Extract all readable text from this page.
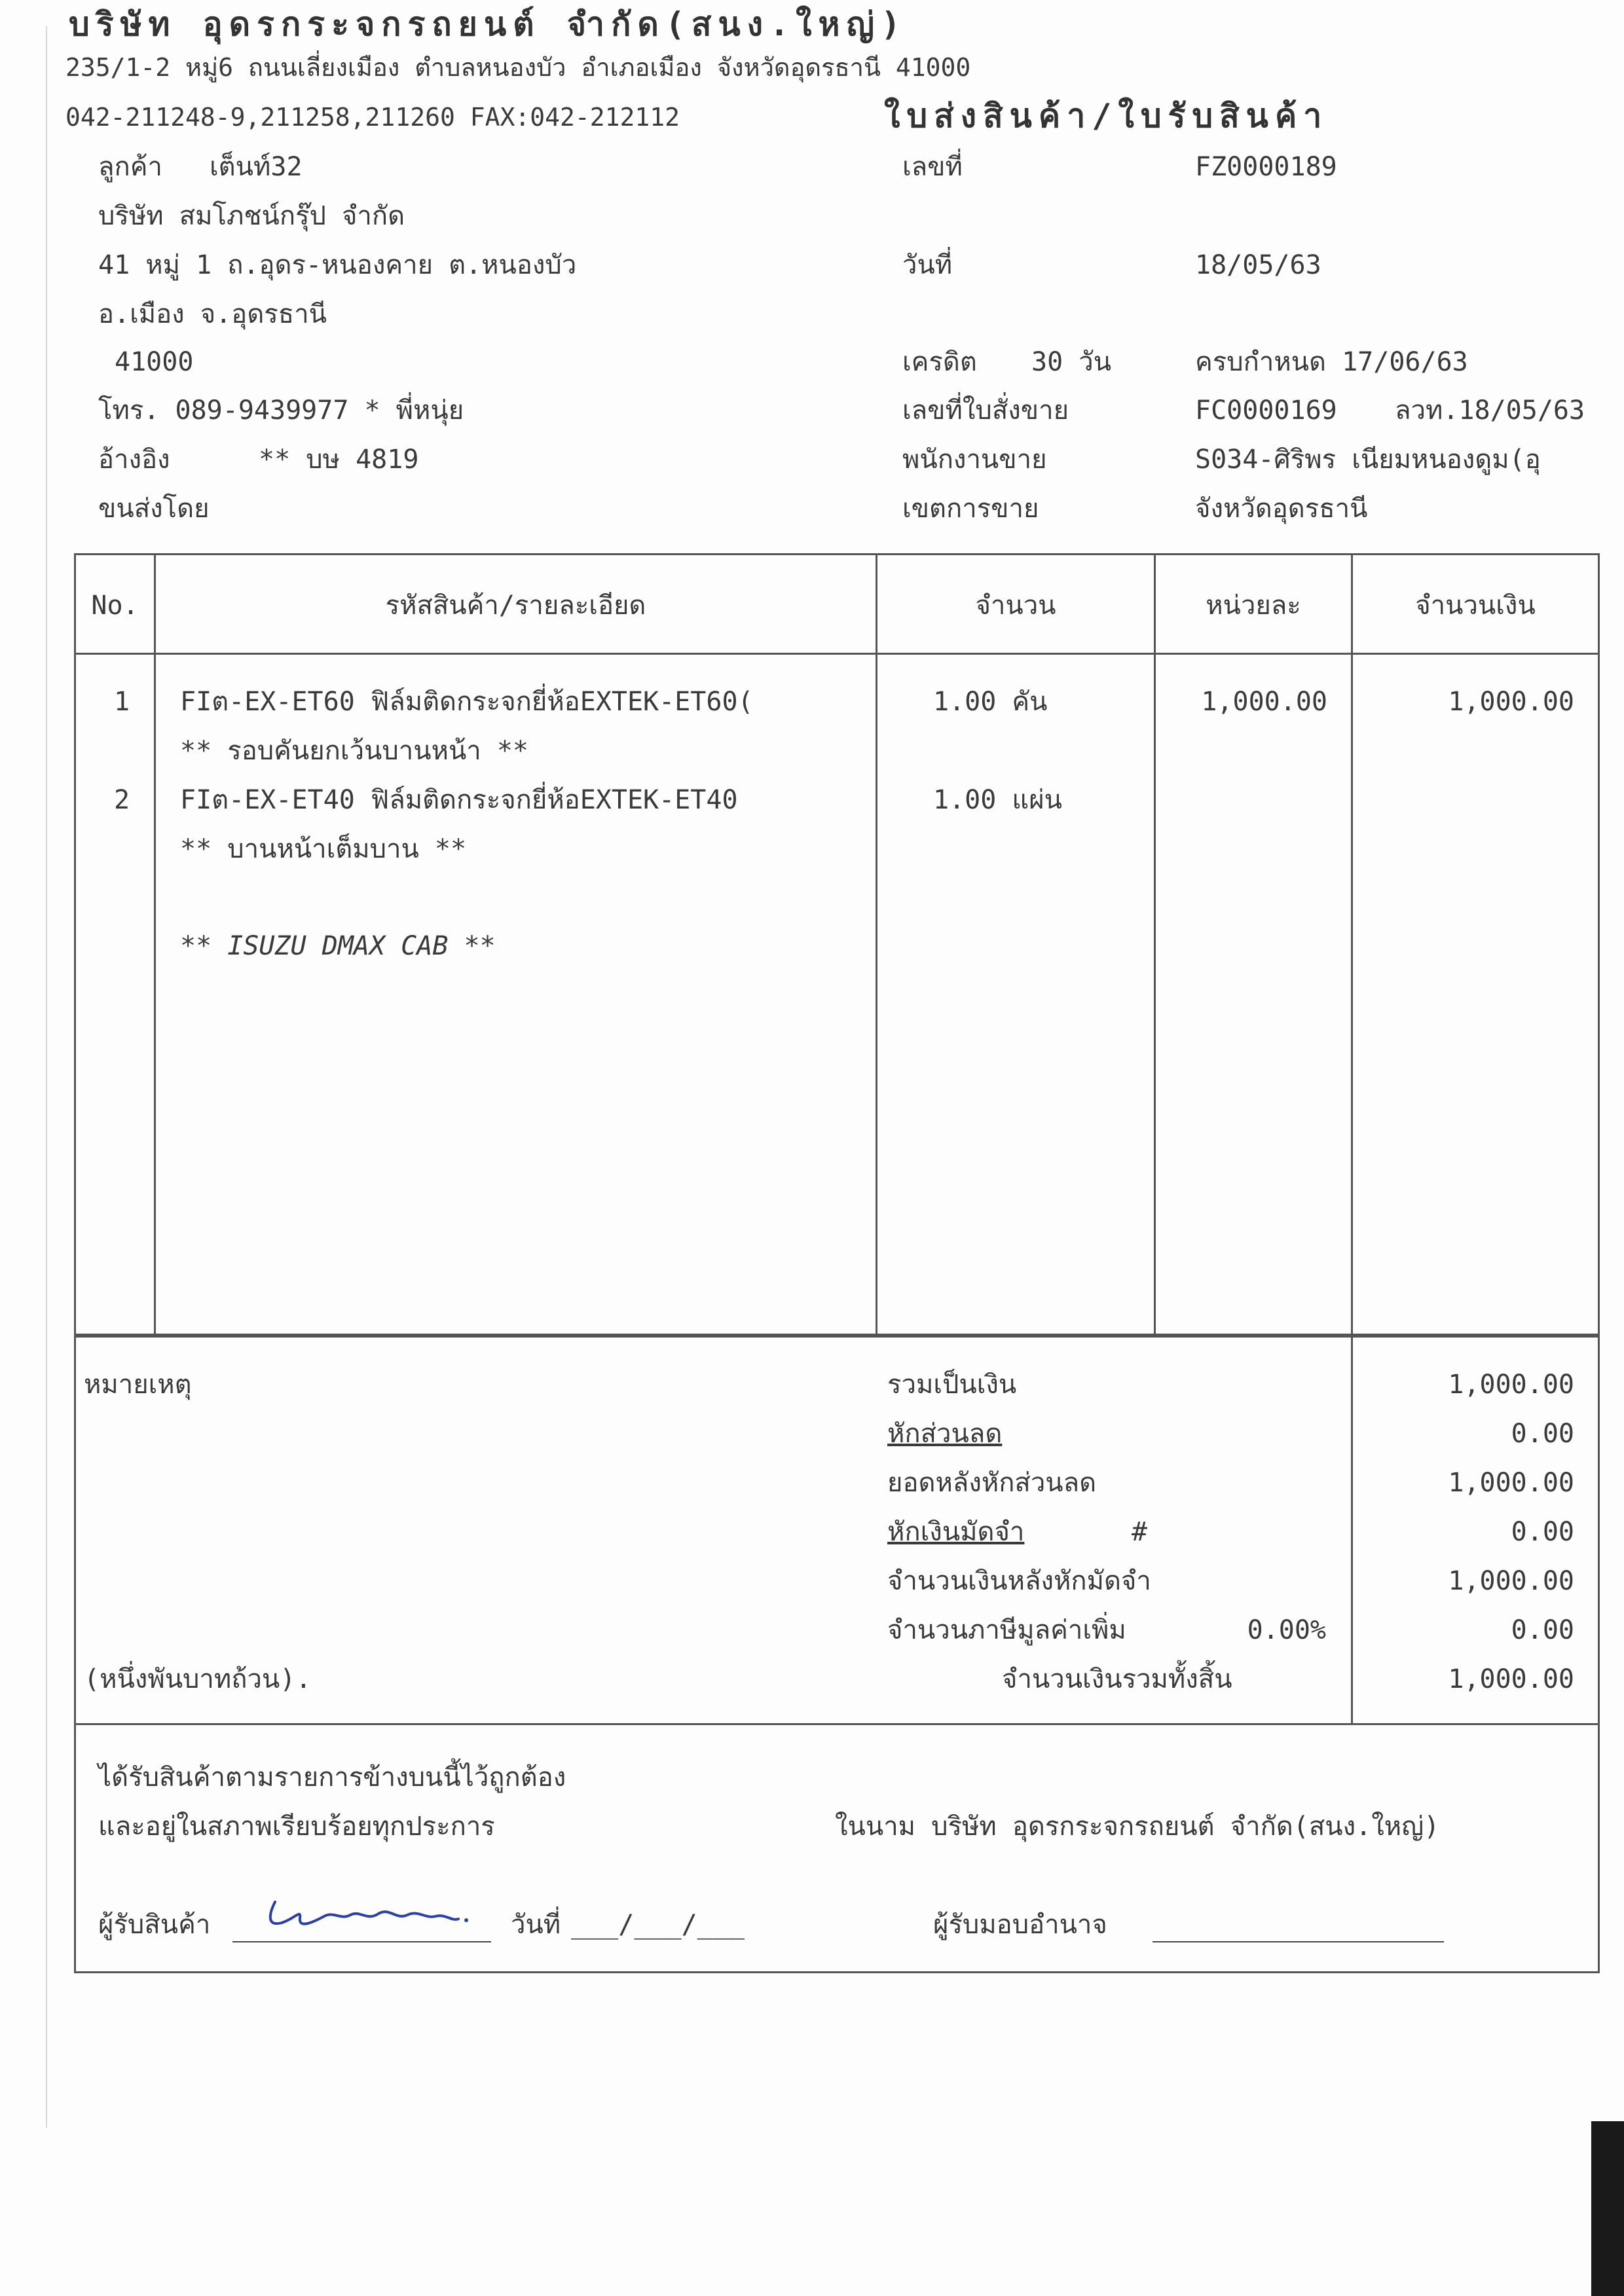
บริษัท อุดรกระจกรถยนต์ จำกัด(สนง.ใหญ่)
235/1-2 หมู่6 ถนนเลี่ยงเมือง ตำบลหนองบัว อำเภอเมือง จังหวัดอุดรธานี 41000
042-211248-9,211258,211260 FAX:042-212112	ใบส่งสินค้า/ใบรับสินค้า
ลูกค้า เต็นท์32
บริษัท สมโภชน์กรุ๊ป จำกัด
41 หมู่ 1 ถ.อุดร-หนองคาย ต.หนองบัว
อ.เมือง จ.อุดรธานี
41000
โทร. 089-9439977 * พี่หนุ่ย
อ้างอิง	** บษ 4819
ขนส่งโดย
เลขที่	FZ0000189
วันที่	18/05/63
เครดิต 30 วัน	ครบกำหนด 17/06/63
เลขที่ใบสั่งขาย	FC0000169 ลวท.18/05/63
พนักงานขาย	S034-ศิริพร เนียมหนองดูม(อุ
เขตการขาย	จังหวัดอุดรธานี
No.	รหัสสินค้า/รายละเอียด	จำนวน	หน่วยละ	จำนวนเงิน
1	FIต-EX-ET60 ฟิล์มติดกระจกยี่ห้อEXTEK-ET60(	1.00 คัน	1,000.00	1,000.00
** รอบคันยกเว้นบานหน้า **
2	FIต-EX-ET40 ฟิล์มติดกระจกยี่ห้อEXTEK-ET40	1.00 แผ่น
** บานหน้าเต็มบาน **
** ISUZU DMAX CAB **
หมายเหตุ
(หนึ่งพันบาทถ้วน).
รวมเป็นเงิน	1,000.00
หักส่วนลด	0.00
ยอดหลังหักส่วนลด	1,000.00
หักเงินมัดจำ	#	0.00
จำนวนเงินหลังหักมัดจำ	1,000.00
จำนวนภาษีมูลค่าเพิ่ม	0.00%	0.00
จำนวนเงินรวมทั้งสิ้น	1,000.00
ได้รับสินค้าตามรายการข้างบนนี้ไว้ถูกต้อง
และอยู่ในสภาพเรียบร้อยทุกประการ	ในนาม บริษัท อุดรกระจกรถยนต์ จำกัด(สนง.ใหญ่)
ผู้รับสินค้า	วันที่ ___/___/___	ผู้รับมอบอำนาจ
